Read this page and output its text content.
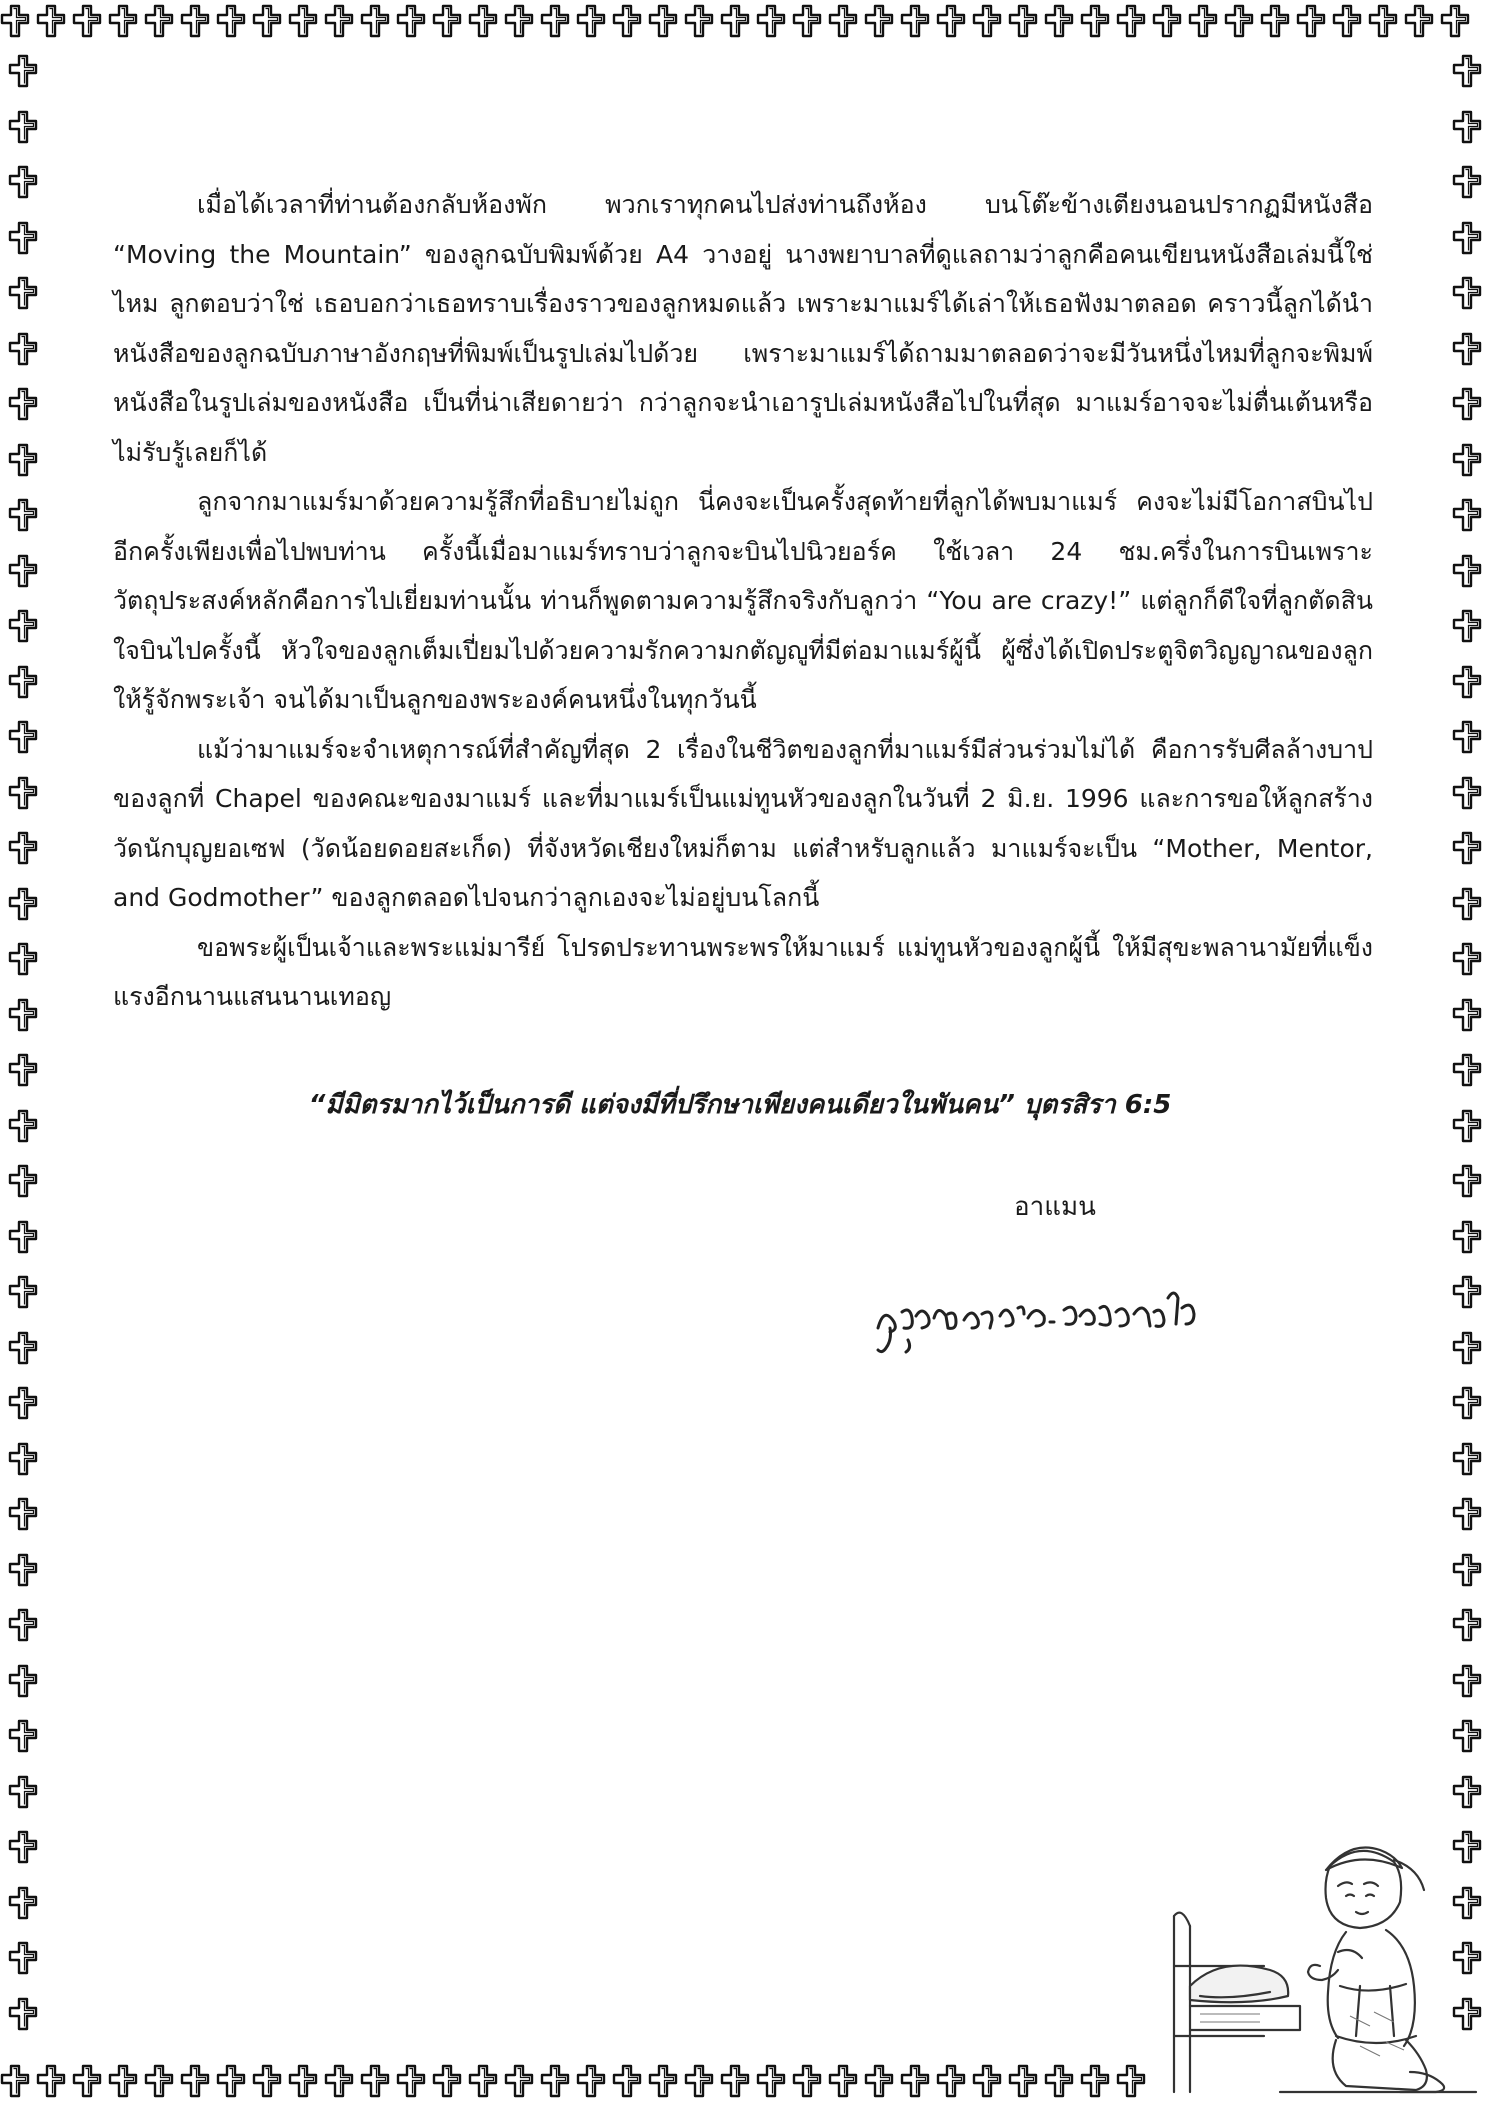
เมื่อได้เวลาที่ท่านต้องกลับห้องพัก พวกเราทุกคนไปส่งท่านถึงห้อง บนโต๊ะข้างเตียงนอนปรากฏมีหนังสือ “Moving the Mountain” ของลูกฉบับพิมพ์ด้วย A4 วางอยู่ นางพยาบาลที่ดูแลถามว่าลูกคือคนเขียนหนังสือเล่มนี้ใช่ไหม ลูกตอบว่าใช่ เธอบอกว่าเธอทราบเรื่องราวของลูกหมดแล้ว เพราะมาแมร์ได้เล่าให้เธอฟังมาตลอด คราวนี้ลูกได้นำหนังสือของลูกฉบับภาษาอังกฤษที่พิมพ์เป็นรูปเล่มไปด้วย เพราะมาแมร์ได้ถามมาตลอดว่าจะมีวันหนึ่งไหมที่ลูกจะพิมพ์หนังสือในรูปเล่มของหนังสือ เป็นที่น่าเสียดายว่า กว่าลูกจะนำเอารูปเล่มหนังสือไปในที่สุด มาแมร์อาจจะไม่ตื่นเต้นหรือไม่รับรู้เลยก็ได้

ลูกจากมาแมร์มาด้วยความรู้สึกที่อธิบายไม่ถูก นี่คงจะเป็นครั้งสุดท้ายที่ลูกได้พบมาแมร์ คงจะไม่มีโอกาสบินไปอีกครั้งเพียงเพื่อไปพบท่าน ครั้งนี้เมื่อมาแมร์ทราบว่าลูกจะบินไปนิวยอร์ค ใช้เวลา 24 ชม.ครึ่งในการบินเพราะวัตถุประสงค์หลักคือการไปเยี่ยมท่านนั้น ท่านก็พูดตามความรู้สึกจริงกับลูกว่า “You are crazy!” แต่ลูกก็ดีใจที่ลูกตัดสินใจบินไปครั้งนี้ หัวใจของลูกเต็มเปี่ยมไปด้วยความรักความกตัญญูที่มีต่อมาแมร์ผู้นี้ ผู้ซึ่งได้เปิดประตูจิตวิญญาณของลูกให้รู้จักพระเจ้า จนได้มาเป็นลูกของพระองค์คนหนึ่งในทุกวันนี้

แม้ว่ามาแมร์จะจำเหตุการณ์ที่สำคัญที่สุด 2 เรื่องในชีวิตของลูกที่มาแมร์มีส่วนร่วมไม่ได้ คือการรับศีลล้างบาปของลูกที่ Chapel ของคณะของมาแมร์ และที่มาแมร์เป็นแม่ทูนหัวของลูกในวันที่ 2 มิ.ย. 1996 และการขอให้ลูกสร้างวัดนักบุญยอเซฟ (วัดน้อยดอยสะเก็ด) ที่จังหวัดเชียงใหม่ก็ตาม แต่สำหรับลูกแล้ว มาแมร์จะเป็น “Mother, Mentor, and Godmother” ของลูกตลอดไปจนกว่าลูกเองจะไม่อยู่บนโลกนี้

ขอพระผู้เป็นเจ้าและพระแม่มารีย์ โปรดประทานพระพรให้มาแมร์ แม่ทูนหัวของลูกผู้นี้ ให้มีสุขะพลานามัยที่แข็งแรงอีกนานแสนนานเทอญ

“มีมิตรมากไว้เป็นการดี แต่จงมีที่ปรึกษาเพียงคนเดียวในพันคน” บุตรสิรา 6:5
อาแมน
